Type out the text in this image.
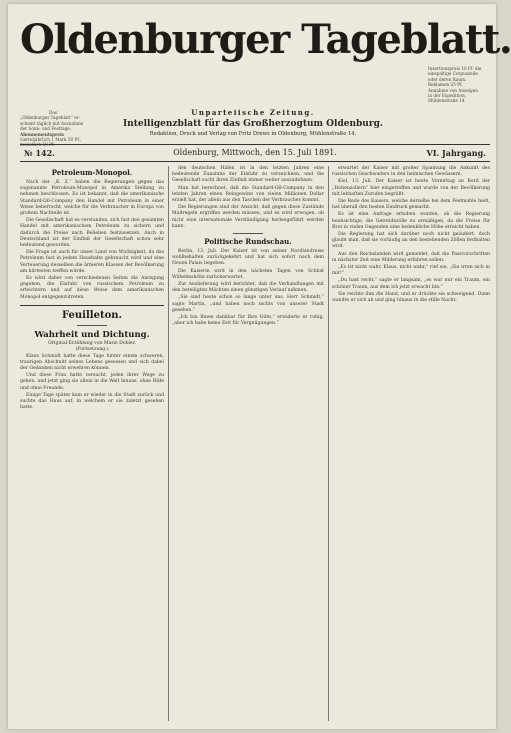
Oldenburger Tageblatt.
Insertionspreis 10 Pf. die
einspaltige Corpuszeile
oder deren Raum.
Reklamen 25 Pf.
Annahme von Anzeigen
in der Expedition,
Mühlenstraße 14.
Das
„Oldenburger Tageblatt“ er-
scheint täglich mit Ausnahme
der Sonn- und Festtage.
Abonnementspreis
vierteljährlich 1 Mark 50 Pf.,
monatlich 50 Pf.
Unparteiische Zeitung.
Intelligenzblatt für das Großherzogtum Oldenburg.
Redaktion, Druck und Verlag von Fritz Drews in Oldenburg, Mühlenstraße 14.
№ 142.	Oldenburg, Mittwoch, den 15. Juli 1891.	VI. Jahrgang.
Petroleum-Monopol.

Nach der „K. Z.“ haben die Regierungen gegen das sogenannte Petroleum-Monopol in Amerika Stellung zu nehmen beschlossen. Es ist bekannt, daß die amerikanische Standard-Oil-Company den Handel mit Petroleum in einer Weise beherrscht, welche für die Verbraucher in Europa von großem Nachteile ist.

Die Gesellschaft hat es verstanden, sich fast den gesamten Handel mit amerikanischem Petroleum zu sichern und dadurch die Preise nach Belieben festzusetzen. Auch in Deutschland ist der Einfluß der Gesellschaft schon sehr bedeutend geworden.

Die Frage ist auch für unser Land von Wichtigkeit, da das Petroleum fast in jedem Haushalte gebraucht wird und eine Verteuerung desselben die ärmeren Klassen der Bevölkerung am härtesten treffen würde.

Es wird daher von verschiedenen Seiten die Anregung gegeben, die Einfuhr von russischem Petroleum zu erleichtern und auf diese Weise dem amerikanischen Monopol entgegenzutreten.

Feuilleton.
Wahrheit und Dichtung.
Original-Erzählung von Marie Dobler.
(Fortsetzung.)

Klaus Schmidt hatte diese Tage hinter einem schweren, traurigen Abschnitt seines Lebens gesessen und sich dabei der Gedanken nicht erwehren können.

Und diese Frau hatte versucht, jeden ihrer Wege zu gehen, und jetzt ging sie allein in die Welt hinaus, ohne Hilfe und ohne Freunde.

Einige Tage später kam er wieder in die Stadt zurück und suchte das Haus auf, in welchem er sie zuletzt gesehen hatte.

den deutschen Häfen ist in den letzten Jahren eine bedeutende Zunahme der Einfuhr zu verzeichnen, und die Gesellschaft sucht ihren Einfluß immer weiter auszudehnen.

Man hat berechnet, daß die Standard-Oil-Company in den letzten Jahren einen Reingewinn von vielen Millionen Dollar erzielt hat, der allein aus den Taschen der Verbraucher kommt.

Die Regierungen sind der Ansicht, daß gegen diese Zustände Maßregeln ergriffen werden müssen, und es wird erwogen, ob nicht eine internationale Verständigung herbeigeführt werden kann.

Politische Rundschau.

Berlin, 13. Juli. Der Kaiser ist von seiner Nordlandreise wohlbehalten zurückgekehrt und hat sich sofort nach dem Neuen Palais begeben.

Die Kaiserin wird in den nächsten Tagen von Schloß Wilhelmshöhe zurückerwartet.

Zur Auslieferung wird berichtet, daß die Verhandlungen mit den beteiligten Mächten einen günstigen Verlauf nehmen.

„Sie sind heute schon so lange unter uns, Herr Schmidt,“ sagte Martin, „und haben noch nichts von unserer Stadt gesehen.“

„Ich bin Ihnen dankbar für Ihre Güte,“ erwiderte er ruhig, „aber ich habe keine Zeit für Vergnügungen.“

erwartet der Kaiser mit großer Spannung die Ankunft des russischen Geschwaders in den heimischen Gewässern.

Kiel, 13. Juli. Der Kaiser ist heute Vormittag an Bord der „Hohenzollern“ hier eingetroffen und wurde von der Bevölkerung mit lebhaften Zurufen begrüßt.

Die Rede des Kaisers, welche derselbe bei dem Festmahle hielt, hat überall den besten Eindruck gemacht.

Es ist eine Anfrage erhoben worden, ob die Regierung beabsichtige, die Getreidezölle zu ermäßigen, da die Preise für Brot in vielen Gegenden eine bedenkliche Höhe erreicht haben.

Die Regierung hat sich darüber noch nicht geäußert, doch glaubt man, daß sie vorläufig an den bestehenden Zöllen festhalten wird.

Aus den Reichslanden wird gemeldet, daß die Passvorschriften in nächster Zeit eine Milderung erfahren sollen.

„Es ist nicht wahr, Klaus, nicht wahr,“ rief sie, „Sie irren sich in mir!“

„Du hast recht,“ sagte er langsam, „es war nur ein Traum, ein schöner Traum, aus dem ich jetzt erwacht bin.“

Sie reichte ihm die Hand, und er drückte sie schweigend. Dann wandte er sich ab und ging hinaus in die stille Nacht.
